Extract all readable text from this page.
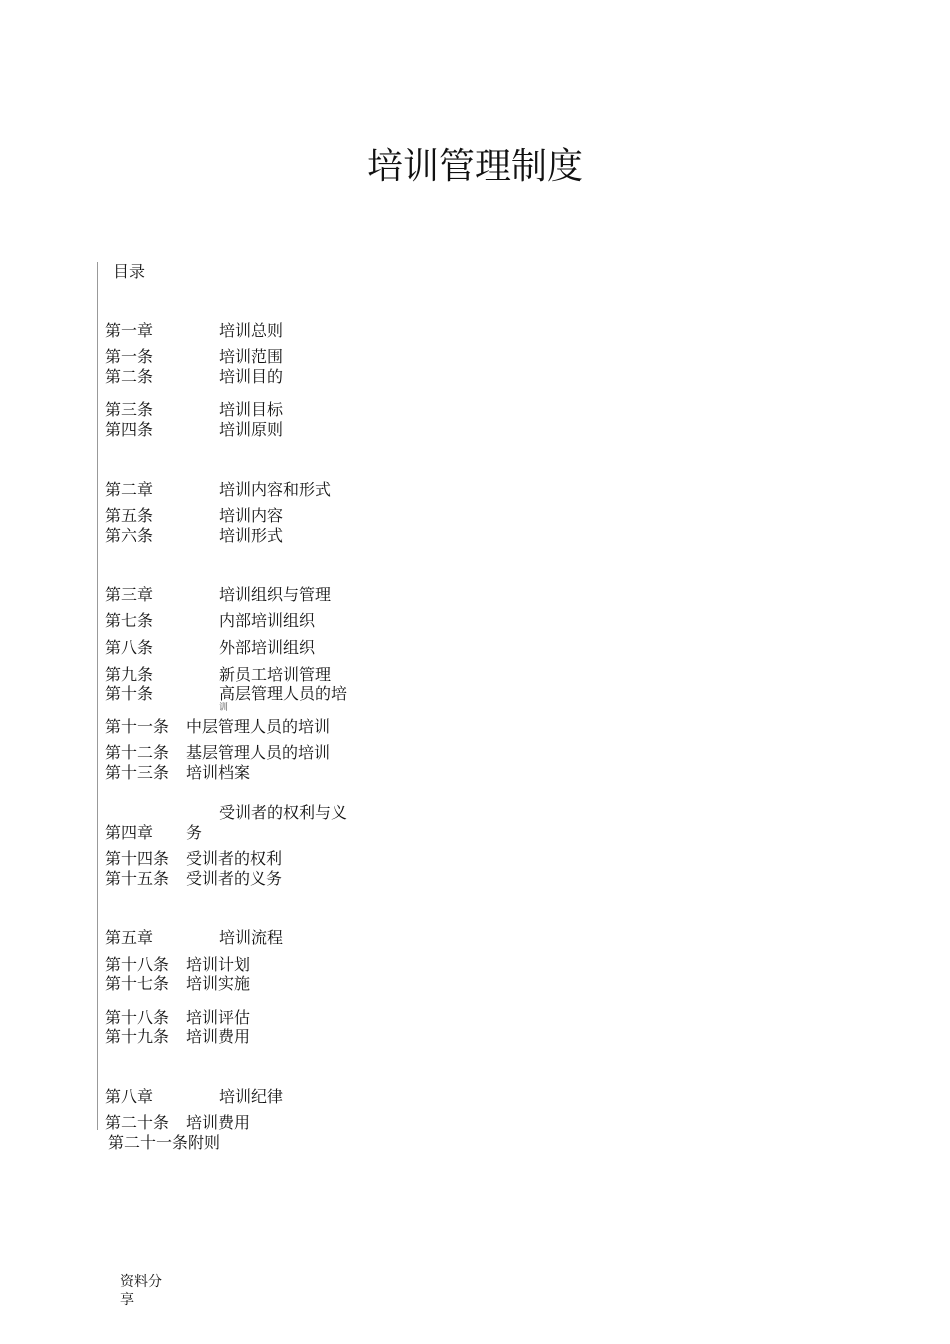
培训管理制度
目录
第一章	培训总则
第一条	培训范围
第二条	培训目的
第三条	培训目标
第四条	培训原则
第二章	培训内容和形式
第五条	培训内容
第六条	培训形式
第三章	培训组织与管理
第七条	内部培训组织
第八条	外部培训组织
第九条	新员工培训管理
第十条	高层管理人员的培
训
第十一条 中层管理人员的培训
第十二条 基层管理人员的培训
第十三条 培训档案
受训者的权利与义
第四章 务
第十四条 受训者的权利
第十五条 受训者的义务
第五章	培训流程
第十八条 培训计划
第十七条 培训实施
第十八条 培训评估
第十九条 培训费用
第八章	培训纪律
第二十条 培训费用
第二十一条 附则
资料分
享
